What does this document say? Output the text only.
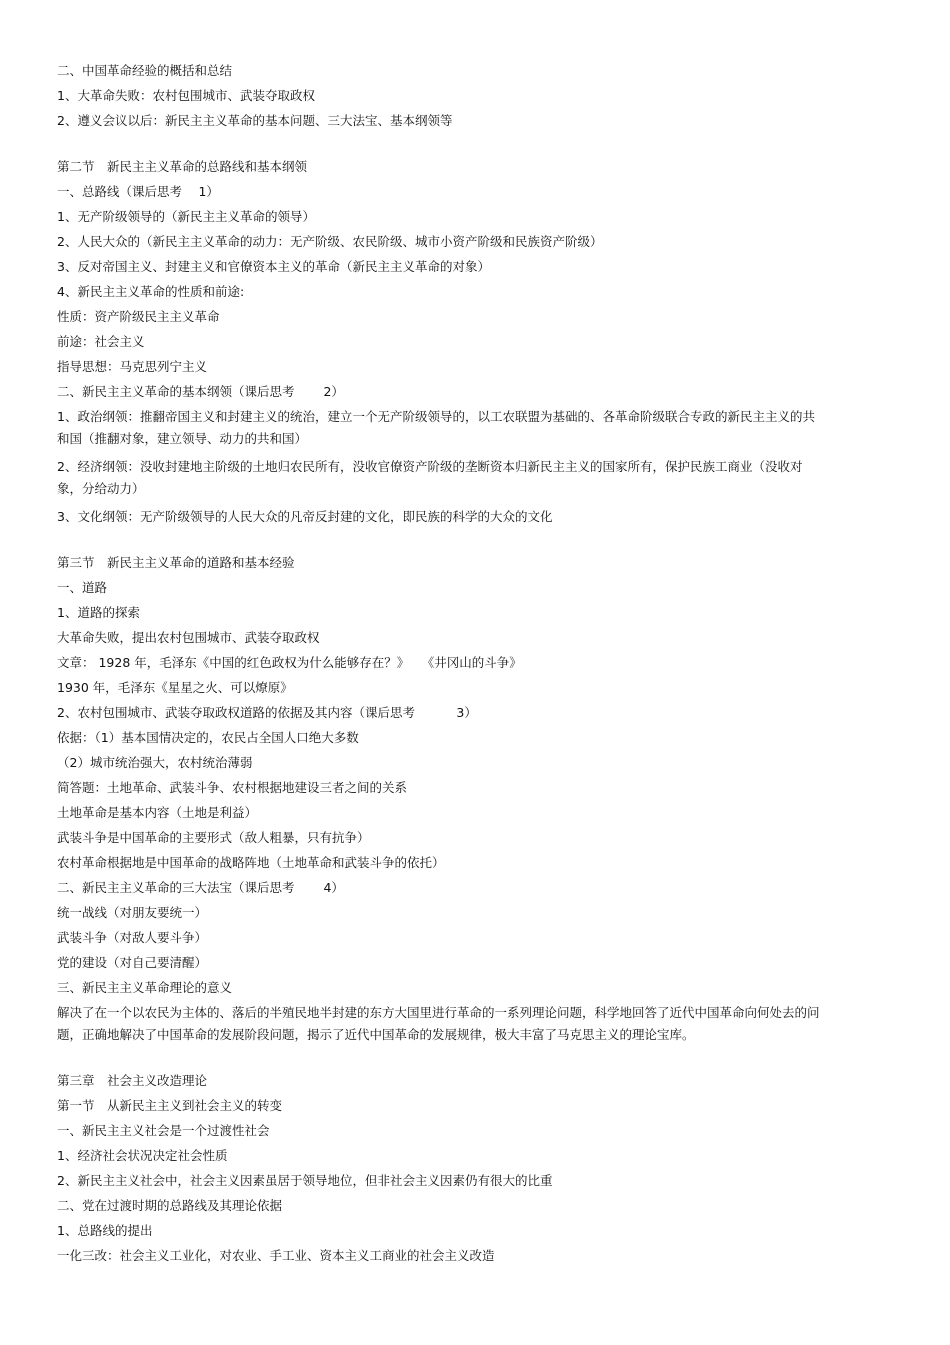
二、中国革命经验的概括和总结
1、大革命失败：农村包围城市、武装夺取政权
2、遵义会议以后：新民主主义革命的基本问题、三大法宝、基本纲领等
第二节　新民主主义革命的总路线和基本纲领
一、总路线（课后思考　 1）
1、无产阶级领导的（新民主主义革命的领导）
2、人民大众的（新民主主义革命的动力：无产阶级、农民阶级、城市小资产阶级和民族资产阶级）
3、反对帝国主义、封建主义和官僚资本主义的革命（新民主主义革命的对象）
4、新民主主义革命的性质和前途:
性质：资产阶级民主主义革命
前途：社会主义
指导思想：马克思列宁主义
二、新民主主义革命的基本纲领（课后思考　　 2）
1、政治纲领：推翻帝国主义和封建主义的统治，建立一个无产阶级领导的，以工农联盟为基础的、各革命阶级联合专政的新民主主义的共和国（推翻对象，建立领导、动力的共和国）
2、经济纲领：没收封建地主阶级的土地归农民所有，没收官僚资产阶级的垄断资本归新民主主义的国家所有，保护民族工商业（没收对象，分给动力）
3、文化纲领：无产阶级领导的人民大众的凡帝反封建的文化，即民族的科学的大众的文化
第三节　新民主主义革命的道路和基本经验
一、道路
1、道路的探索
大革命失败，提出农村包围城市、武装夺取政权
文章： 1928 年，毛泽东《中国的红色政权为什么能够存在？》　　《井冈山的斗争》
1930 年，毛泽东《星星之火、可以燎原》
2、农村包围城市、武装夺取政权道路的依据及其内容（课后思考　　　 3）
依据：（1）基本国情决定的，农民占全国人口绝大多数
（2）城市统治强大，农村统治薄弱
简答题：土地革命、武装斗争、农村根据地建设三者之间的关系
土地革命是基本内容（土地是利益）
武装斗争是中国革命的主要形式（敌人粗暴，只有抗争）
农村革命根据地是中国革命的战略阵地（土地革命和武装斗争的依托）
二、新民主主义革命的三大法宝（课后思考　　 4）
统一战线（对朋友要统一）
武装斗争（对敌人要斗争）
党的建设（对自己要清醒）
三、新民主主义革命理论的意义
解决了在一个以农民为主体的、落后的半殖民地半封建的东方大国里进行革命的一系列理论问题，科学地回答了近代中国革命向何处去的问题，正确地解决了中国革命的发展阶段问题，揭示了近代中国革命的发展规律，极大丰富了马克思主义的理论宝库。
第三章　社会主义改造理论
第一节　从新民主主义到社会主义的转变
一、新民主主义社会是一个过渡性社会
1、经济社会状况决定社会性质
2、新民主主义社会中，社会主义因素虽居于领导地位，但非社会主义因素仍有很大的比重
二、党在过渡时期的总路线及其理论依据
1、总路线的提出
一化三改：社会主义工业化，对农业、手工业、资本主义工商业的社会主义改造
